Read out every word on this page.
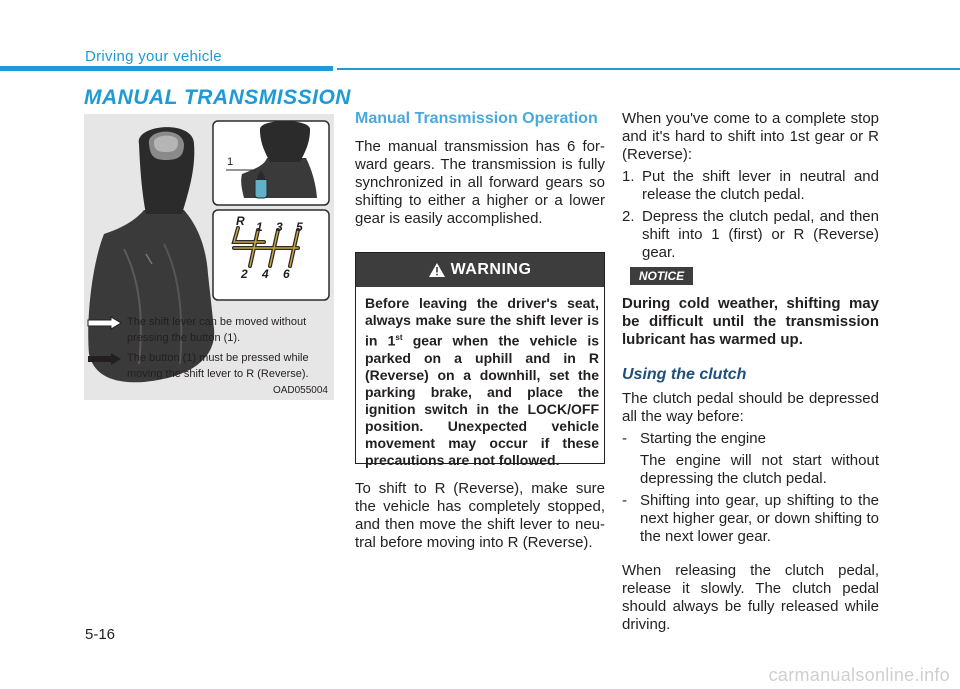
Driving your vehicle
MANUAL TRANSMISSION
1
R 1 3 5
2 4 6
The shift lever can be moved without pressing the button (1).
The button (1) must be pressed while moving the shift lever to R (Reverse).
OAD055004
Manual Transmission Operation
The manual transmission has 6 for-ward gears. The transmission is fully synchronized in all forward gears so shifting to either a higher or a lower gear is easily accomplished.
WARNING
Before leaving the driver's seat, always make sure the shift lever is in 1st gear when the vehicle is parked on a uphill and in R (Reverse) on a downhill, set the parking brake, and place the ignition switch in the LOCK/OFF position. Unexpected vehicle movement may occur if these precautions are not followed.
To shift to R (Reverse), make sure the vehicle has completely stopped, and then move the shift lever to neu-tral before moving into R (Reverse).
When you've come to a complete stop and it's hard to shift into 1st gear or R (Reverse):
1. Put the shift lever in neutral and release the clutch pedal.
2. Depress the clutch pedal, and then shift into 1 (first) or R (Reverse) gear.
NOTICE
During cold weather, shifting may be difficult until the transmission lubricant has warmed up.
Using the clutch
The clutch pedal should be depressed all the way before:
- Starting the engine
The engine will not start without depressing the clutch pedal.
- Shifting into gear, up shifting to the next higher gear, or down shifting to the next lower gear.
When releasing the clutch pedal, release it slowly. The clutch pedal should always be fully released while driving.
5-16
carmanualsonline.info
